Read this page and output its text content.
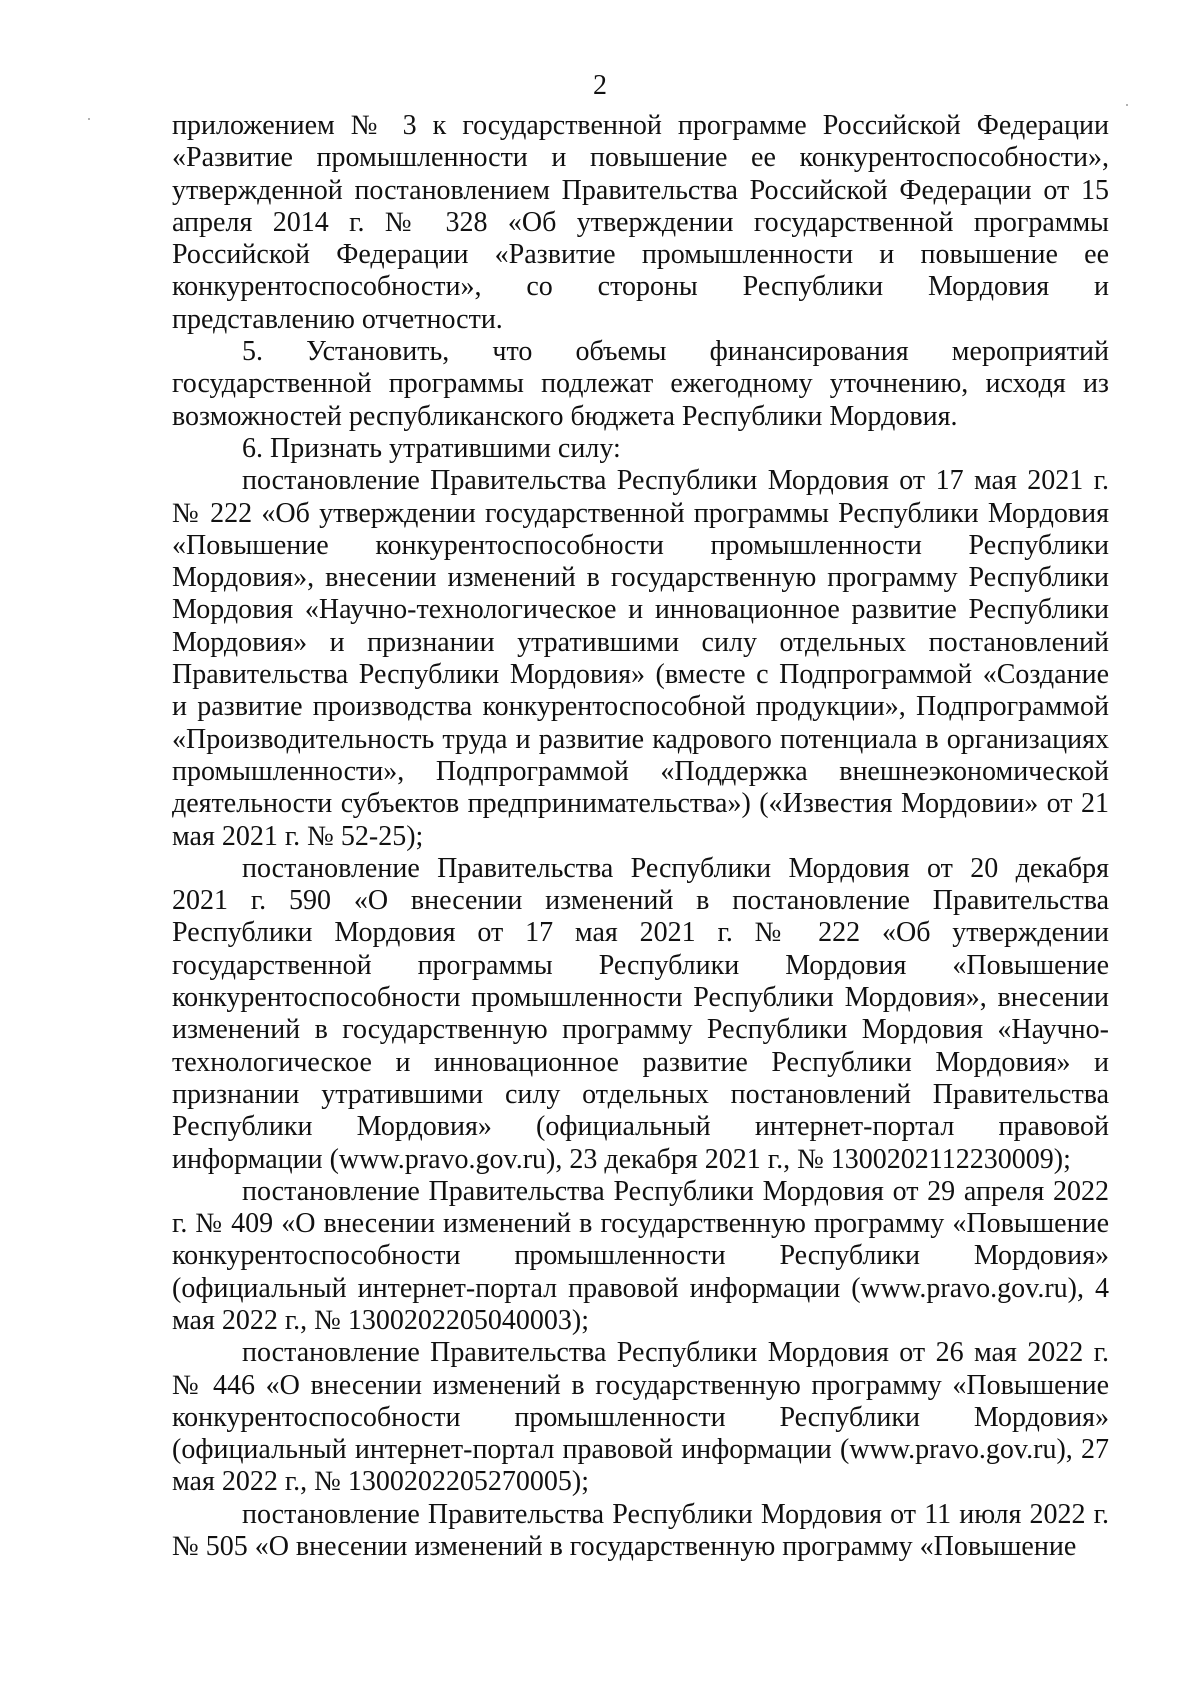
2

приложением № 3 к государственной программе Российской Федерации «Развитие промышленности и повышение ее конкурентоспособности», утвержденной постановлением Правительства Российской Федерации от 15 апреля 2014 г. № 328 «Об утверждении государственной программы Российской Федерации «Развитие промышленности и повышение ее конкурентоспособности», со стороны Республики Мордовия и представлению отчетности.

5. Установить, что объемы финансирования мероприятий государственной программы подлежат ежегодному уточнению, исходя из возможностей республиканского бюджета Республики Мордовия.

6. Признать утратившими силу:

постановление Правительства Республики Мордовия от 17 мая 2021 г. № 222 «Об утверждении государственной программы Республики Мордовия «Повышение конкурентоспособности промышленности Республики Мордовия», внесении изменений в государственную программу Республики Мордовия «Научно-технологическое и инновационное развитие Республики Мордовия» и признании утратившими силу отдельных постановлений Правительства Республики Мордовия» (вместе с Подпрограммой «Создание и развитие производства конкурентоспособной продукции», Подпрограммой «Производительность труда и развитие кадрового потенциала в организациях промышленности», Подпрограммой «Поддержка внешнеэкономической деятельности субъектов предпринимательства») («Известия Мордовии» от 21 мая 2021 г. № 52-25);

постановление Правительства Республики Мордовия от 20 декабря 2021 г. 590 «О внесении изменений в постановление Правительства Республики Мордовия от 17 мая 2021 г. № 222 «Об утверждении государственной программы Республики Мордовия «Повышение конкурентоспособности промышленности Республики Мордовия», внесении изменений в государственную программу Республики Мордовия «Научно-технологическое и инновационное развитие Республики Мордовия» и признании утратившими силу отдельных постановлений Правительства Республики Мордовия» (официальный интернет-портал правовой информации (www.pravo.gov.ru), 23 декабря 2021 г., № 1300202112230009);

постановление Правительства Республики Мордовия от 29 апреля 2022 г. № 409 «О внесении изменений в государственную программу «Повышение конкурентоспособности промышленности Республики Мордовия» (официальный интернет-портал правовой информации (www.pravo.gov.ru), 4 мая 2022 г., № 1300202205040003);

постановление Правительства Республики Мордовия от 26 мая 2022 г. № 446 «О внесении изменений в государственную программу «Повышение конкурентоспособности промышленности Республики Мордовия» (официальный интернет-портал правовой информации (www.pravo.gov.ru), 27 мая 2022 г., № 1300202205270005);

постановление Правительства Республики Мордовия от 11 июля 2022 г. № 505 «О внесении изменений в государственную программу «Повышение
